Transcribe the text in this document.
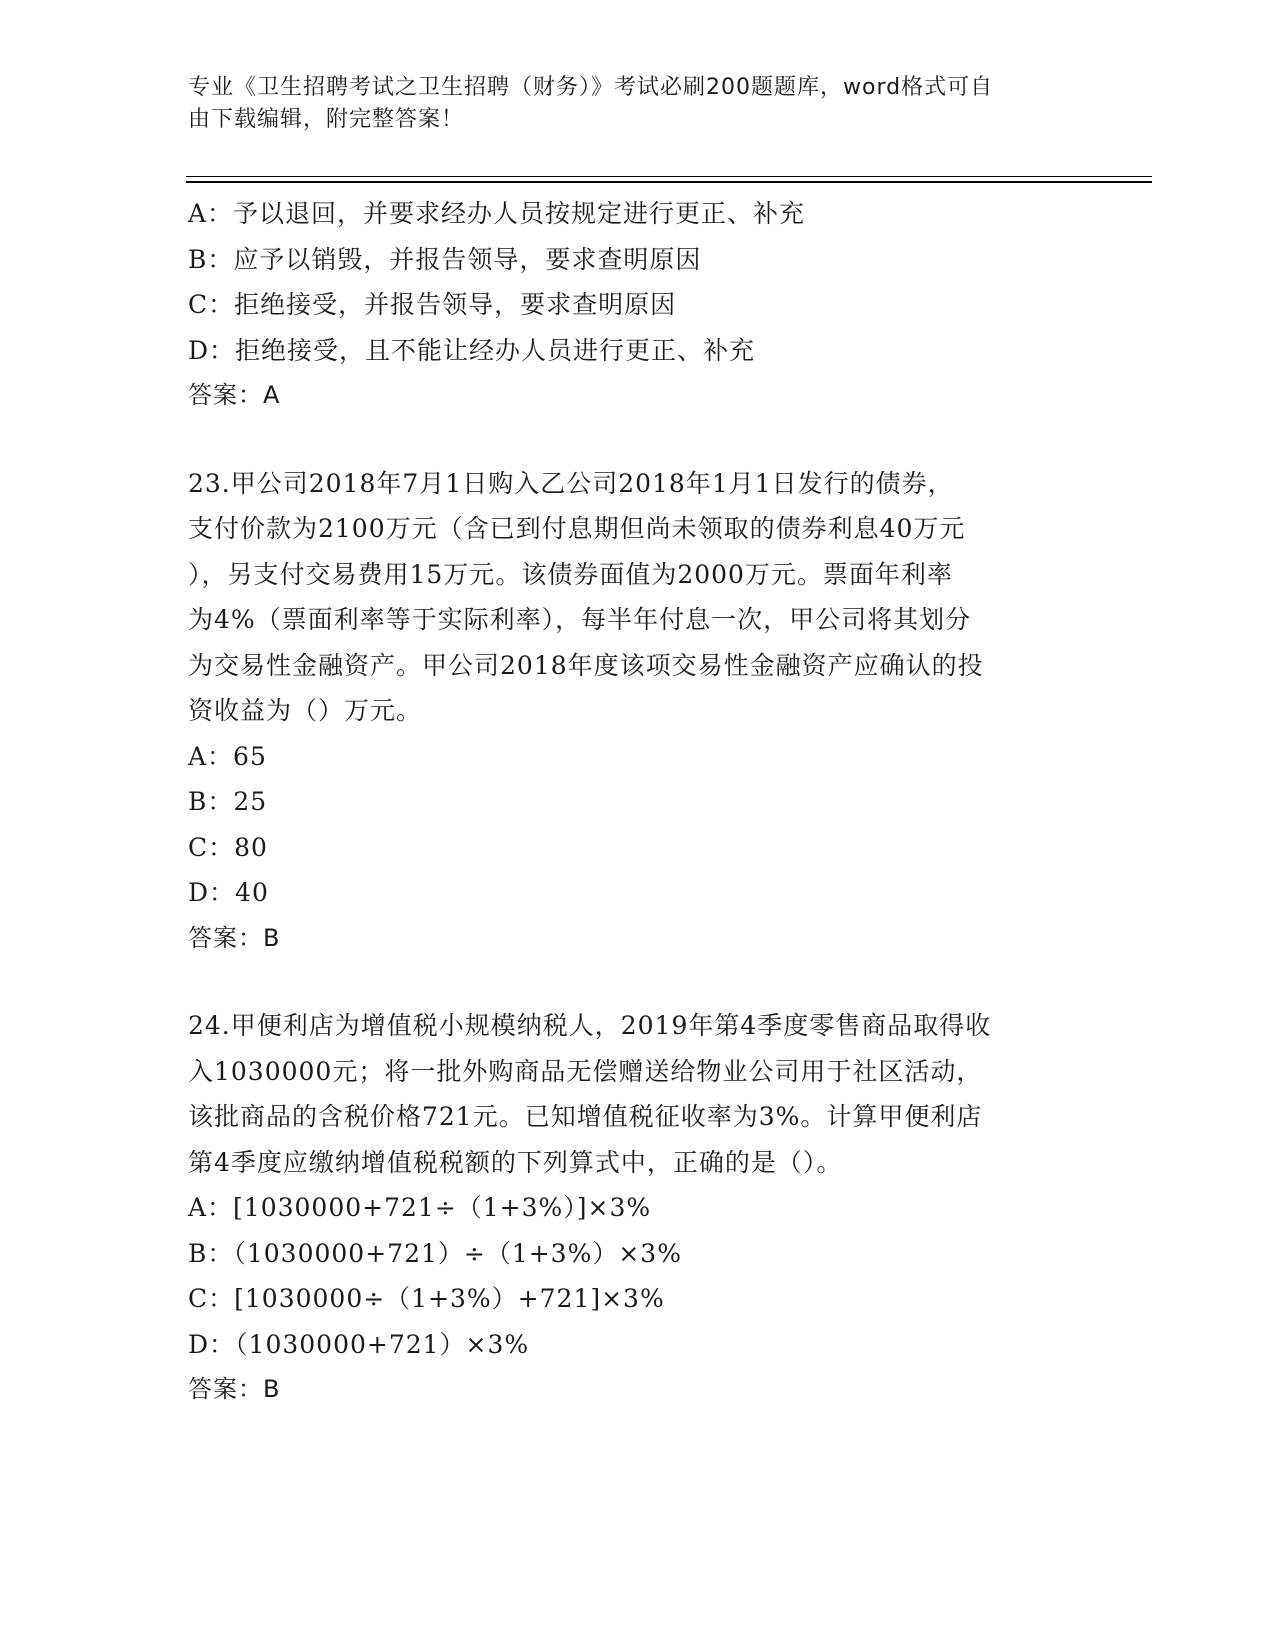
专业《卫生招聘考试之卫生招聘（财务）》考试必刷200题题库，word格式可自
由下载编辑，附完整答案！
A：予以退回，并要求经办人员按规定进行更正、补充
B：应予以销毁，并报告领导，要求查明原因
C：拒绝接受，并报告领导，要求查明原因
D：拒绝接受，且不能让经办人员进行更正、补充
答案：A
23.甲公司2018年7月1日购入乙公司2018年1月1日发行的债券，
支付价款为2100万元（含已到付息期但尚未领取的债券利息40万元
），另支付交易费用15万元。该债券面值为2000万元。票面年利率
为4%（票面利率等于实际利率），每半年付息一次，甲公司将其划分
为交易性金融资产。甲公司2018年度该项交易性金融资产应确认的投
资收益为（）万元。
A：65
B：25
C：80
D：40
答案：B
24.甲便利店为增值税小规模纳税人，2019年第4季度零售商品取得收
入1030000元；将一批外购商品无偿赠送给物业公司用于社区活动，
该批商品的含税价格721元。已知增值税征收率为3%。计算甲便利店
第4季度应缴纳增值税税额的下列算式中，正确的是（）。
A：[1030000+721÷（1+3%）]×3%
B：（1030000+721）÷（1+3%）×3%
C：[1030000÷（1+3%）+721]×3%
D：（1030000+721）×3%
答案：B
